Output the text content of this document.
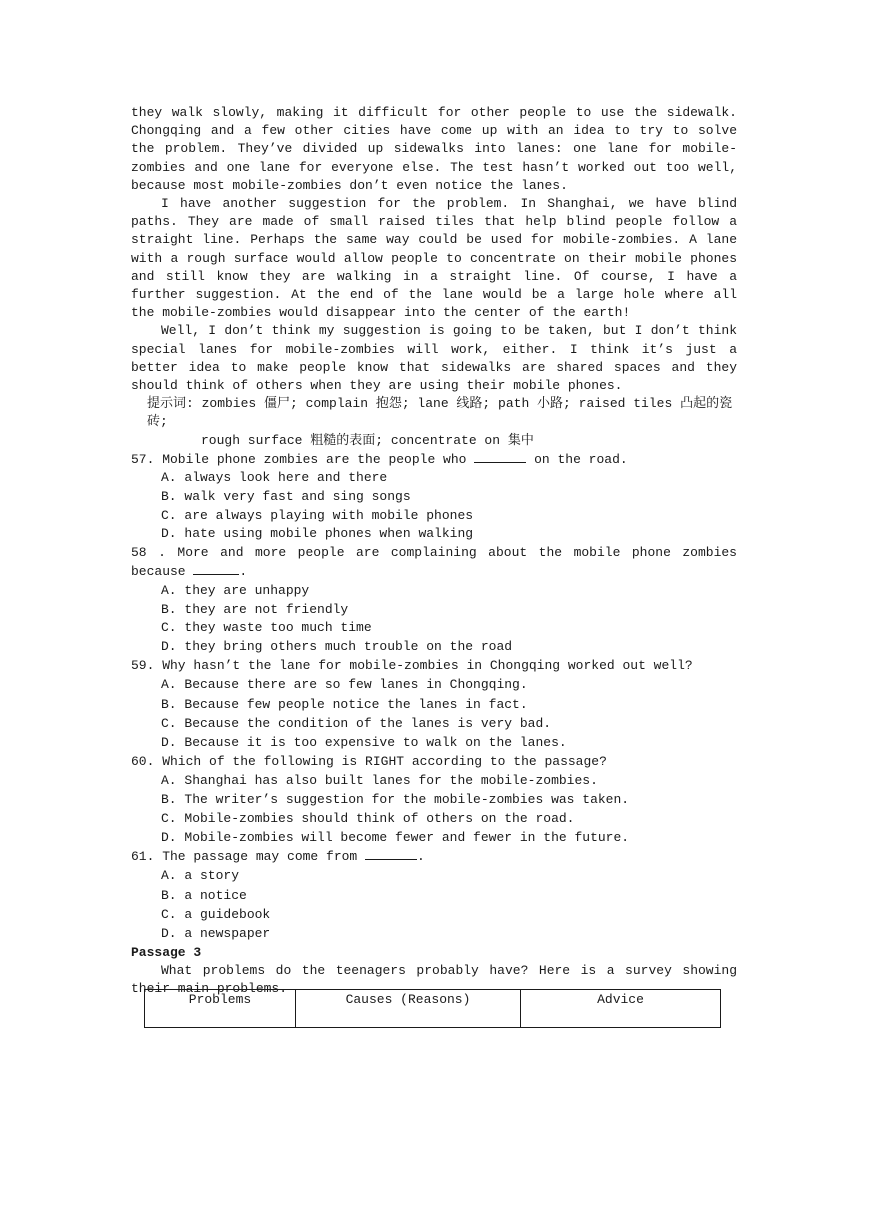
they walk slowly, making it difficult for other people to use the sidewalk. Chongqing and a few other cities have come up with an idea to try to solve the problem. They’ve divided up sidewalks into lanes: one lane for mobile-zombies and one lane for everyone else. The test hasn’t worked out too well, because most mobile-zombies don’t even notice the lanes.

I have another suggestion for the problem. In Shanghai, we have blind paths. They are made of small raised tiles that help blind people follow a straight line. Perhaps the same way could be used for mobile-zombies. A lane with a rough surface would allow people to concentrate on their mobile phones and still know they are walking in a straight line. Of course, I have a further suggestion. At the end of the lane would be a large hole where all the mobile-zombies would disappear into the center of the earth!

Well, I don’t think my suggestion is going to be taken, but I don’t think special lanes for mobile-zombies will work, either. I think it’s just a better idea to make people know that sidewalks are shared spaces and they should think of others when they are using their mobile phones.

提示词: zombies 僵尸; complain 抱怨; lane 线路; path 小路; raised tiles 凸起的瓷砖;
rough surface 粗糙的表面; concentrate on 集中

57. Mobile phone zombies are the people who	on the road.
A. always look here and there
B. walk very fast and sing songs
C. are always playing with mobile phones
D. hate using mobile phones when walking
58 . More and more people are complaining about the mobile phone zombies because	.
A. they are unhappy
B. they are not friendly
C. they waste too much time
D. they bring others much trouble on the road
59. Why hasn’t the lane for mobile-zombies in Chongqing worked out well?
A. Because there are so few lanes in Chongqing.
B. Because few people notice the lanes in fact.
C. Because the condition of the lanes is very bad.
D. Because it is too expensive to walk on the lanes.
60. Which of the following is RIGHT according to the passage?
A. Shanghai has also built lanes for the mobile-zombies.
B. The writer’s suggestion for the mobile-zombies was taken.
C. Mobile-zombies should think of others on the road.
D. Mobile-zombies will become fewer and fewer in the future.
61. The passage may come from	.
A. a story
B. a notice
C. a guidebook
D. a newspaper

Passage 3

What problems do the teenagers probably have? Here is a survey showing their main problems.

Problems	Causes (Reasons)	Advice
